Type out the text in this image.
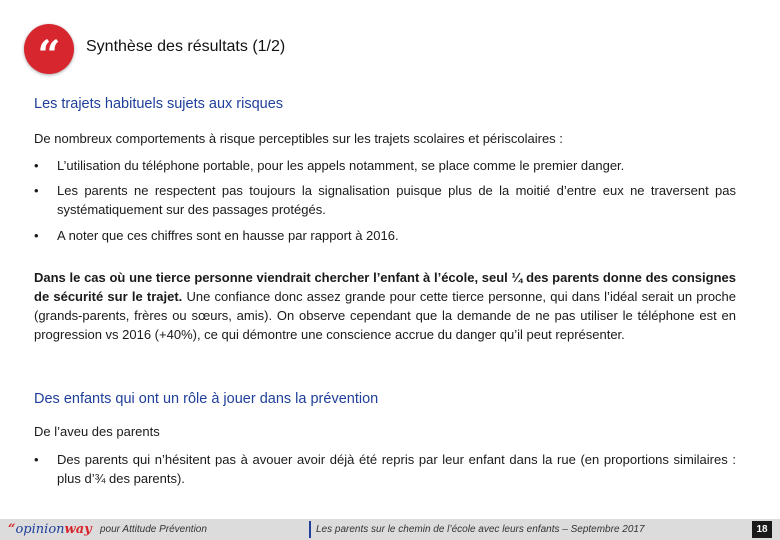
“	Synthèse des résultats (1/2)
Les trajets habituels sujets aux risques
De nombreux comportements à risque perceptibles sur les trajets scolaires et périscolaires :
• L’utilisation du téléphone portable, pour les appels notamment, se place comme le premier danger.
• Les parents ne respectent pas toujours la signalisation puisque plus de la moitié d’entre eux ne traversent pas systématiquement sur des passages protégés.
• A noter que ces chiffres sont en hausse par rapport à 2016.
Dans le cas où une tierce personne viendrait chercher l’enfant à l’école, seul ¼ des parents donne des consignes de sécurité sur le trajet. Une confiance donc assez grande pour cette tierce personne, qui dans l’idéal serait un proche (grands-parents, frères ou sœurs, amis). On observe cependant que la demande de ne pas utiliser le téléphone est en progression vs 2016 (+40%), ce qui démontre une conscience accrue du danger qu’il peut représenter.
Des enfants qui ont un rôle à jouer dans la prévention
De l’aveu des parents
• Des parents qui n’hésitent pas à avouer avoir déjà été repris par leur enfant dans la rue (en proportions similaires : plus d’¾ des parents).
“opinionway pour Attitude Prévention	Les parents sur le chemin de l’école avec leurs enfants – Septembre 2017	18
